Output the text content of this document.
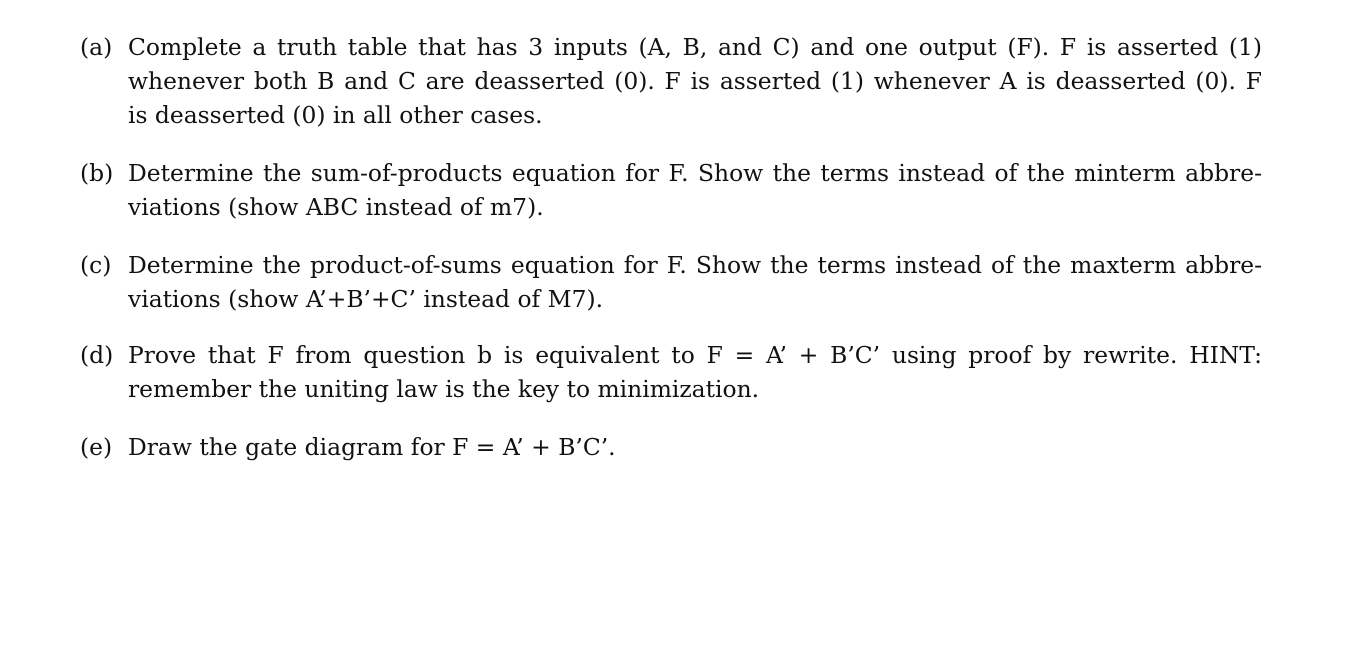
(a) Complete a truth table that has 3 inputs (A, B, and C) and one output (F). F is asserted (1)
whenever both B and C are deasserted (0). F is asserted (1) whenever A is deasserted (0). F
is deasserted (0) in all other cases.
(b) Determine the sum-of-products equation for F. Show the terms instead of the minterm abbre-
viations (show ABC instead of m7).
(c) Determine the product-of-sums equation for F. Show the terms instead of the maxterm abbre-
viations (show A’+B’+C’ instead of M7).
(d) Prove that F from question b is equivalent to F = A’ + B’C’ using proof by rewrite. HINT:
remember the uniting law is the key to minimization.
(e) Draw the gate diagram for F = A’ + B’C’.
